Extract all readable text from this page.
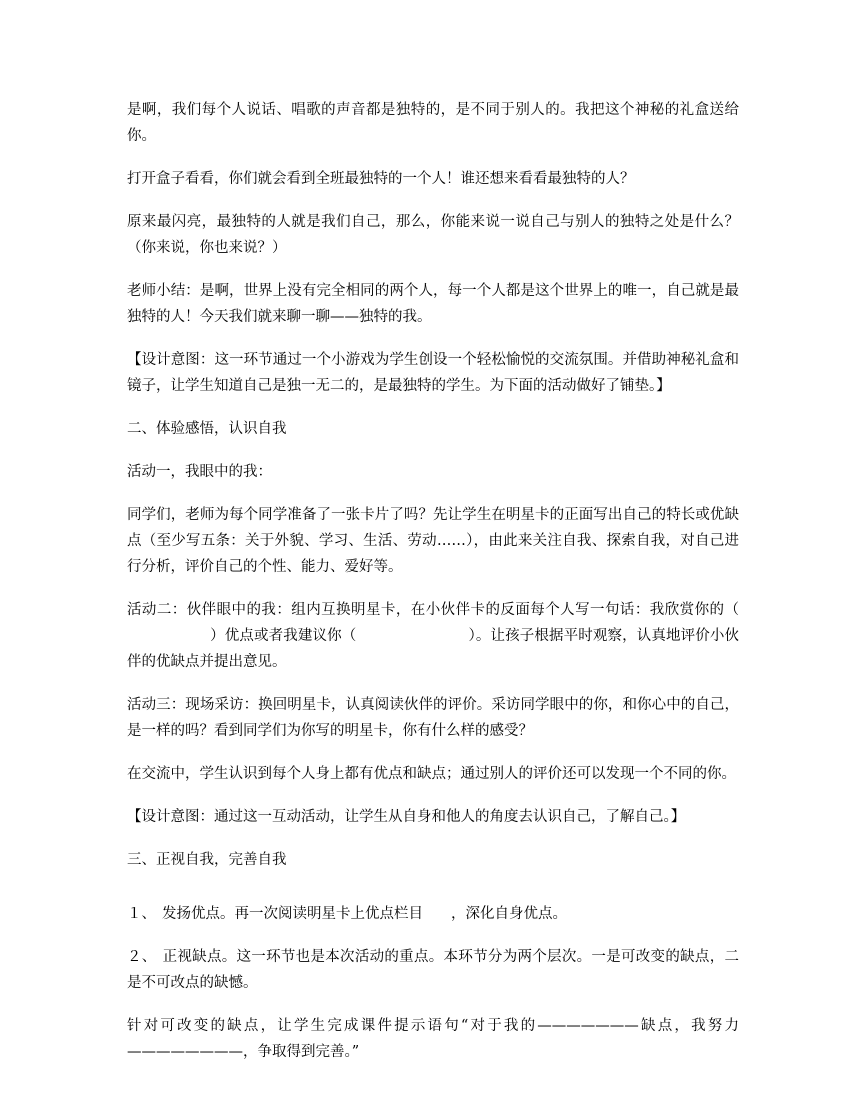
是啊，我们每个人说话、唱歌的声音都是独特的，是不同于别人的。我把这个神秘的礼盒送给你。

打开盒子看看，你们就会看到全班最独特的一个人！谁还想来看看最独特的人？

原来最闪亮，最独特的人就是我们自己，那么，你能来说一说自己与别人的独特之处是什么？（你来说，你也来说？）

老师小结：是啊，世界上没有完全相同的两个人，每一个人都是这个世界上的唯一，自己就是最独特的人！今天我们就来聊一聊——独特的我。

【设计意图：这一环节通过一个小游戏为学生创设一个轻松愉悦的交流氛围。并借助神秘礼盒和镜子，让学生知道自己是独一无二的，是最独特的学生。为下面的活动做好了铺垫。】

二、体验感悟，认识自我

活动一，我眼中的我：

同学们，老师为每个同学准备了一张卡片了吗？先让学生在明星卡的正面写出自己的特长或优缺点（至少写五条：关于外貌、学习、生活、劳动……），由此来关注自我、探索自我，对自己进行分析，评价自己的个性、能力、爱好等。

活动二：伙伴眼中的我：组内互换明星卡，在小伙伴卡的反面每个人写一句话：我欣赏你的（）优点或者我建议你（	）。让孩子根据平时观察，认真地评价小伙伴的优缺点并提出意见。

活动三：现场采访：换回明星卡，认真阅读伙伴的评价。采访同学眼中的你，和你心中的自己，是一样的吗？看到同学们为你写的明星卡，你有什么样的感受？

在交流中，学生认识到每个人身上都有优点和缺点；通过别人的评价还可以发现一个不同的你。

【设计意图：通过这一互动活动，让学生从自身和他人的角度去认识自己，了解自己。】

三、正视自我，完善自我

１、 发扬优点。再一次阅读明星卡上优点栏目 ，深化自身优点。

２、 正视缺点。这一环节也是本次活动的重点。本环节分为两个层次。一是可改变的缺点，二是不可改点的缺憾。

针对可改变的缺点，让学生完成课件提示语句“对于我的———————缺点，我努力————————，争取得到完善。”
